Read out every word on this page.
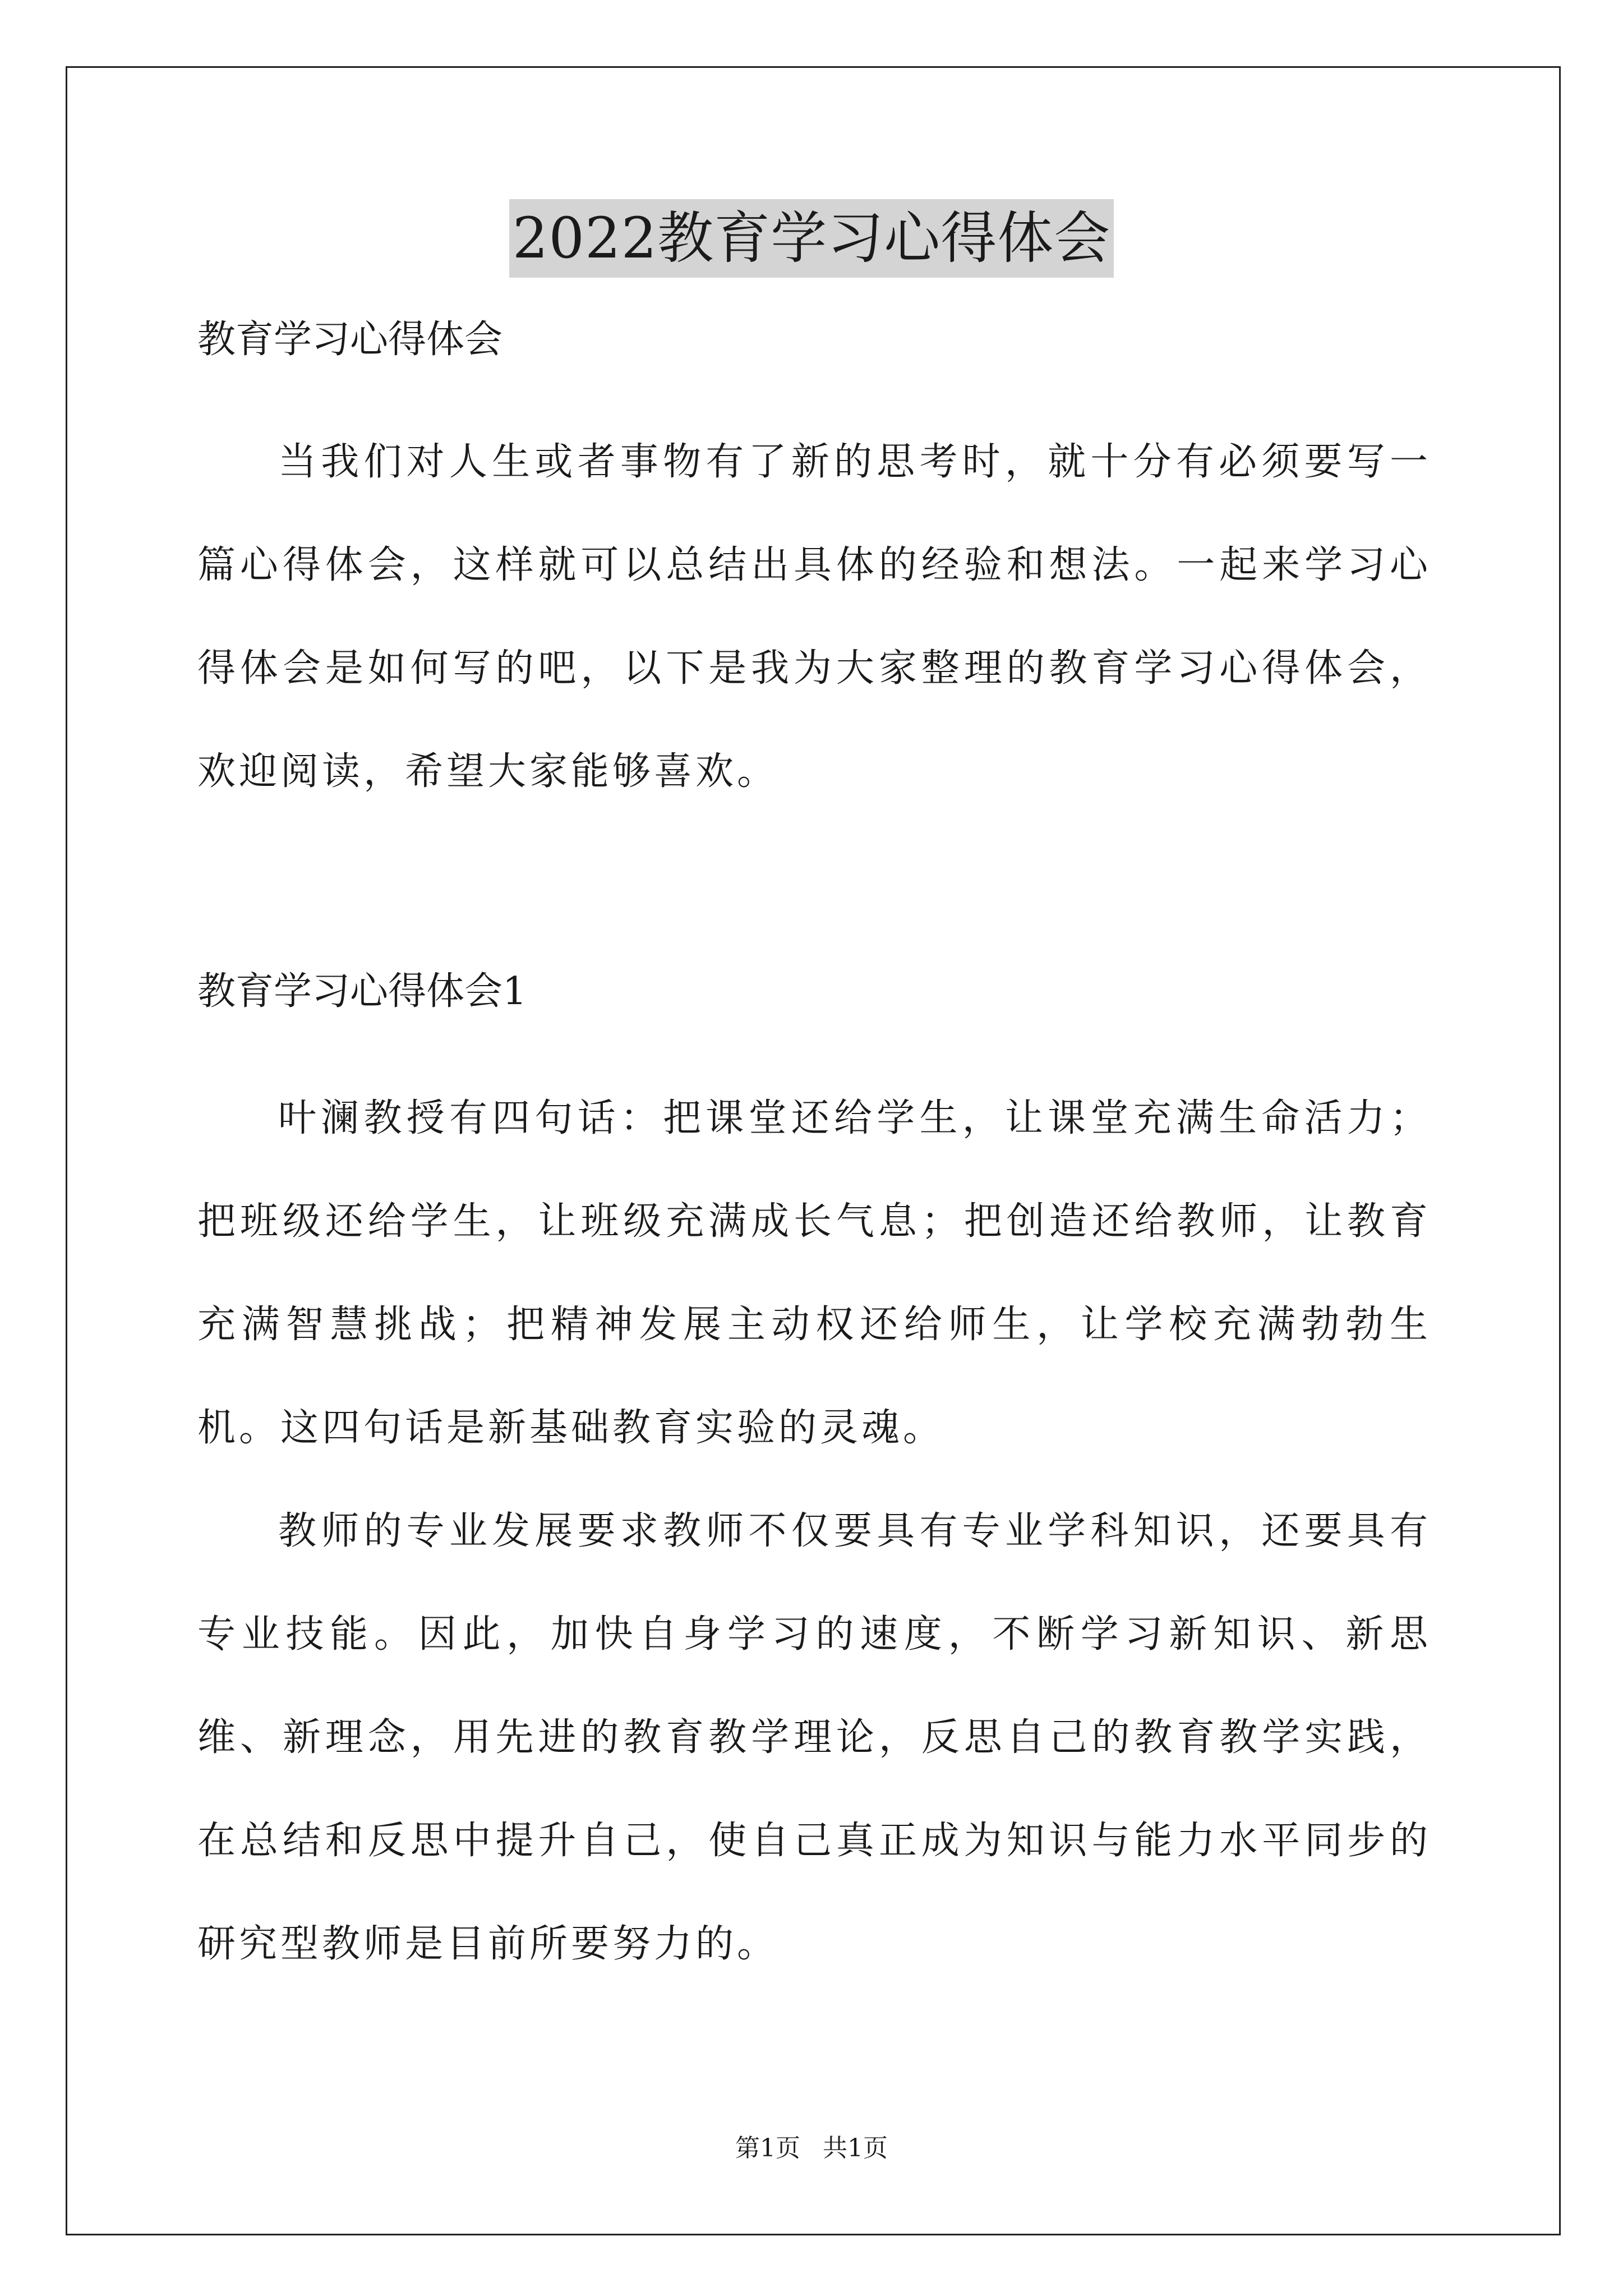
2022教育学习心得体会

教育学习心得体会

当我们对人生或者事物有了新的思考时，就十分有必须要写一篇心得体会，这样就可以总结出具体的经验和想法。一起来学习心得体会是如何写的吧，以下是我为大家整理的教育学习心得体会，欢迎阅读，希望大家能够喜欢。

教育学习心得体会1

叶澜教授有四句话：把课堂还给学生，让课堂充满生命活力；把班级还给学生，让班级充满成长气息；把创造还给教师，让教育充满智慧挑战；把精神发展主动权还给师生，让学校充满勃勃生机。这四句话是新基础教育实验的灵魂。

教师的专业发展要求教师不仅要具有专业学科知识，还要具有专业技能。因此，加快自身学习的速度，不断学习新知识、新思维、新理念，用先进的教育教学理论，反思自己的教育教学实践，在总结和反思中提升自己，使自己真正成为知识与能力水平同步的研究型教师是目前所要努力的。

第1页 共1页
